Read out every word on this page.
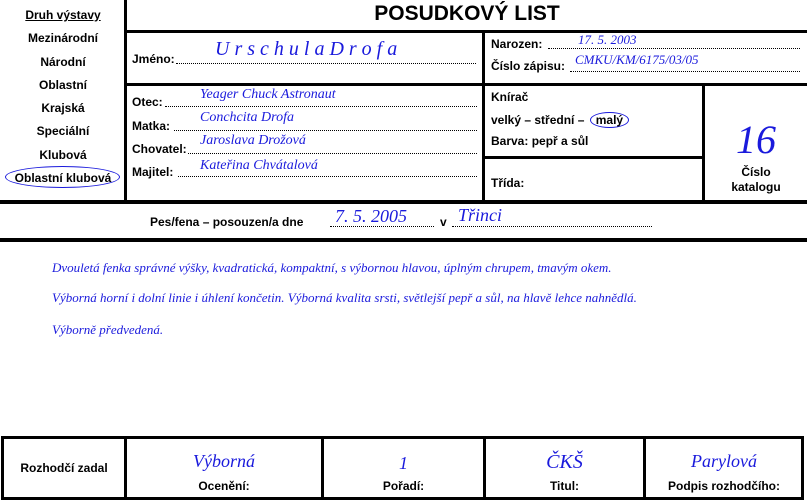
Druh výstavy
Mezinárodní
Národní
Oblastní
Krajská
Speciální
Klubová
Oblastní klubová
POSUDKOVÝ LIST
Jméno: U r s c h u l a D r o f a	Narozen:	17. 5. 2003
Číslo zápisu: CMKU/KM/6175/03/05
Otec:	Yeager Chuck Astronaut
Matka:
Conchcita Drofa
Chovatel:
Jaroslava Drožová
Majitel: Kateřina Chvátalová
Knírač
velký – střední – malý
Barva: pepř a sůl
Třída:
16
Číslo
katalogu
Pes/fena – posouzen/a dne 7. 5. 2005	v Třinci
Dvouletá fenka správné výšky, kvadratická, kompaktní, s výbornou hlavou, úplným chrupem, tmavým okem.
Výborná horní i dolní linie i úhlení končetin. Výborná kvalita srsti, světlejší pepř a sůl, na hlavě lehce nahnědlá.
Výborně předvedená.
Rozhodčí zadal	Výborná
Ocenění:
1
Pořadí:
ČKŠ
Titul:
Parylová
Podpis rozhodčího:
